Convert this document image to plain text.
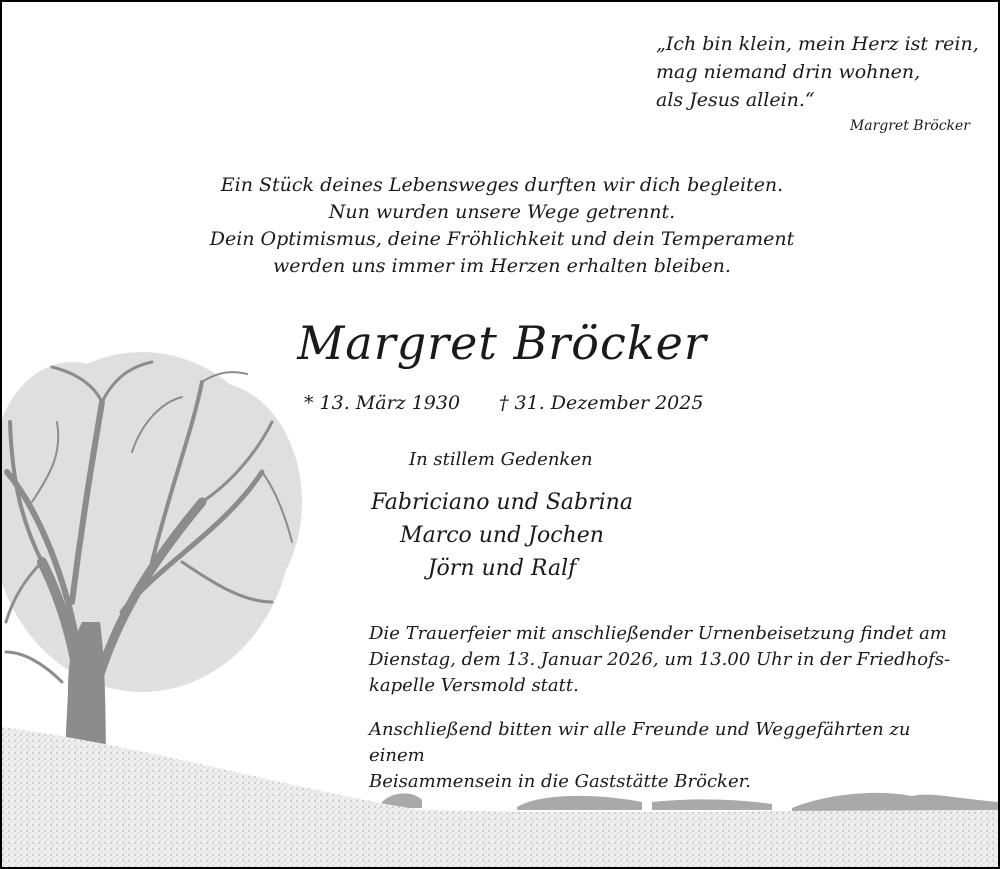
„Ich bin klein, mein Herz ist rein,
mag niemand drin wohnen,
als Jesus allein.“
Margret Bröcker
Ein Stück deines Lebensweges durften wir dich begleiten.
Nun wurden unsere Wege getrennt.
Dein Optimismus, deine Fröhlichkeit und dein Temperament
werden uns immer im Herzen erhalten bleiben.
Margret Bröcker
* 13. März 1930 † 31. Dezember 2025
In stillem Gedenken
Fabriciano und Sabrina
Marco und Jochen
Jörn und Ralf
Die Trauerfeier mit anschließender Urnenbeisetzung findet am
Dienstag, dem 13. Januar 2026, um 13.00 Uhr in der Friedhofs-
kapelle Versmold statt.
Anschließend bitten wir alle Freunde und Weggefährten zu einem
Beisammensein in die Gaststätte Bröcker.
